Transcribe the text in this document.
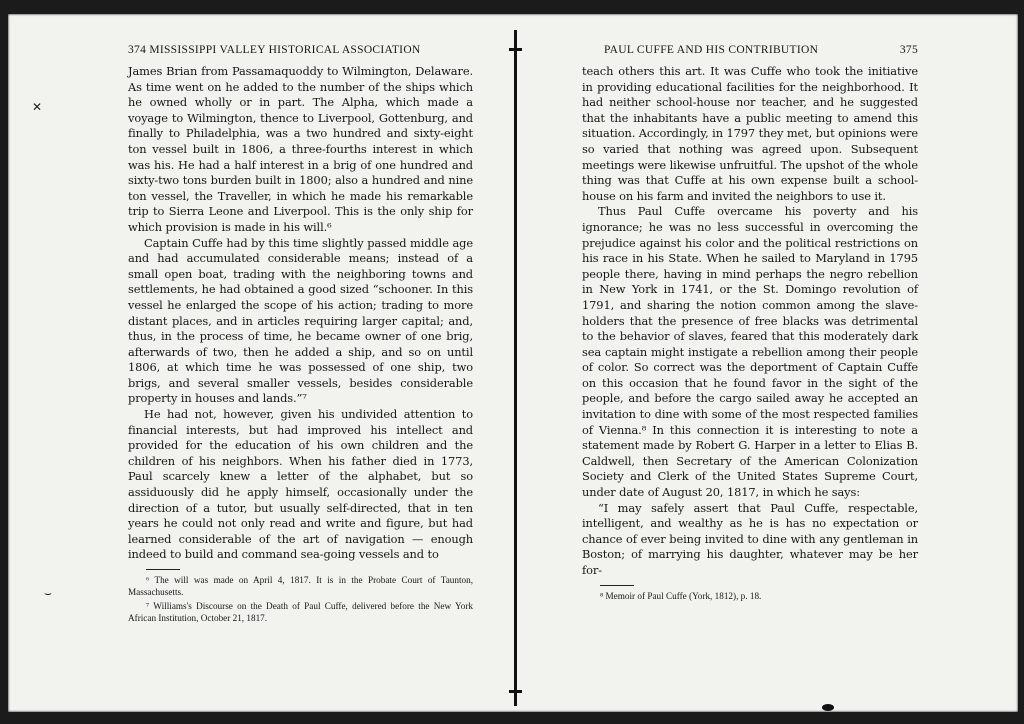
✕
⌣
374 MISSISSIPPI VALLEY HISTORICAL ASSOCIATION

James Brian from Passamaquoddy to Wilmington, Delaware. As time went on he added to the number of the ships which he owned wholly or in part. The Alpha, which made a voyage to Wilmington, thence to Liverpool, Gottenburg, and finally to Philadelphia, was a two hundred and sixty-eight ton vessel built in 1806, a three-fourths interest in which was his. He had a half interest in a brig of one hundred and sixty-two tons burden built in 1800; also a hundred and nine ton vessel, the Traveller, in which he made his remarkable trip to Sierra Leone and Liverpool. This is the only ship for which provision is made in his will.⁶

Captain Cuffe had by this time slightly passed middle age and had accumulated considerable means; instead of a small open boat, trading with the neighboring towns and settlements, he had obtained a good sized “schooner. In this vessel he enlarged the scope of his action; trading to more distant places, and in articles requiring larger capital; and, thus, in the process of time, he became owner of one brig, afterwards of two, then he added a ship, and so on until 1806, at which time he was possessed of one ship, two brigs, and several smaller vessels, besides considerable property in houses and lands.”⁷

He had not, however, given his undivided attention to financial interests, but had improved his intellect and provided for the education of his own children and the children of his neighbors. When his father died in 1773, Paul scarcely knew a letter of the alphabet, but so assiduously did he apply himself, occasionally under the direction of a tutor, but usually self-directed, that in ten years he could not only read and write and figure, but had learned considerable of the art of navigation — enough indeed to build and command sea-going vessels and to

⁶ The will was made on April 4, 1817. It is in the Probate Court of Taunton, Massachusetts.

⁷ Williams's Discourse on the Death of Paul Cuffe, delivered before the New York African Institution, October 21, 1817.

PAUL CUFFE AND HIS CONTRIBUTION	375

teach others this art. It was Cuffe who took the initiative in providing educational facilities for the neighborhood. It had neither school-house nor teacher, and he suggested that the inhabitants have a public meeting to amend this situation. Accordingly, in 1797 they met, but opinions were so varied that nothing was agreed upon. Subsequent meetings were likewise unfruitful. The upshot of the whole thing was that Cuffe at his own expense built a school-house on his farm and invited the neighbors to use it.

Thus Paul Cuffe overcame his poverty and his ignorance; he was no less successful in overcoming the prejudice against his color and the political restrictions on his race in his State. When he sailed to Maryland in 1795 people there, having in mind perhaps the negro rebellion in New York in 1741, or the St. Domingo revolution of 1791, and sharing the notion common among the slave-holders that the presence of free blacks was detrimental to the behavior of slaves, feared that this moderately dark sea captain might instigate a rebellion among their people of color. So correct was the deportment of Captain Cuffe on this occasion that he found favor in the sight of the people, and before the cargo sailed away he accepted an invitation to dine with some of the most respected families of Vienna.⁸ In this connection it is interesting to note a statement made by Robert G. Harper in a letter to Elias B. Caldwell, then Secretary of the American Colonization Society and Clerk of the United States Supreme Court, under date of August 20, 1817, in which he says:

“I may safely assert that Paul Cuffe, respectable, intelligent, and wealthy as he is has no expectation or chance of ever being invited to dine with any gentleman in Boston; of marrying his daughter, whatever may be her for-

⁸ Memoir of Paul Cuffe (York, 1812), p. 18.
